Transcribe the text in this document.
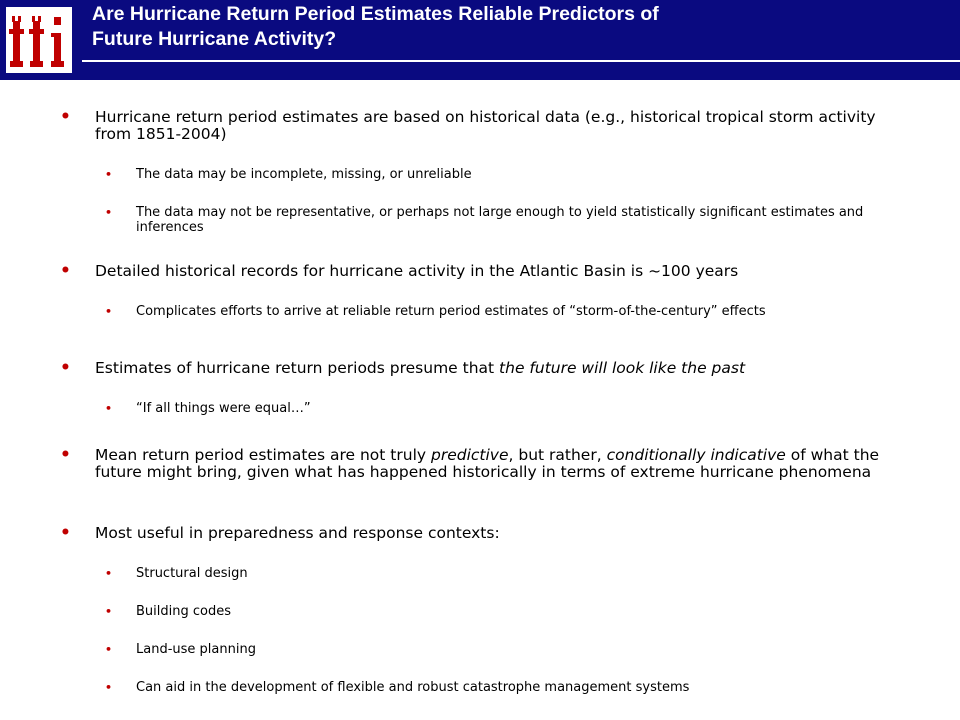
Are Hurricane Return Period Estimates Reliable Predictors of
Future Hurricane Activity?
• Hurricane return period estimates are based on historical data (e.g., historical tropical storm activity from 1851-2004)
• The data may be incomplete, missing, or unreliable
• The data may not be representative, or perhaps not large enough to yield statistically significant estimates and inferences
• Detailed historical records for hurricane activity in the Atlantic Basin is ~100 years
• Complicates efforts to arrive at reliable return period estimates of “storm-of-the-century” effects
• Estimates of hurricane return periods presume that the future will look like the past
• “If all things were equal…”
• Mean return period estimates are not truly predictive, but rather, conditionally indicative of what the future might bring, given what has happened historically in terms of extreme hurricane phenomena
• Most useful in preparedness and response contexts:
• Structural design
• Building codes
• Land-use planning
• Can aid in the development of flexible and robust catastrophe management systems
